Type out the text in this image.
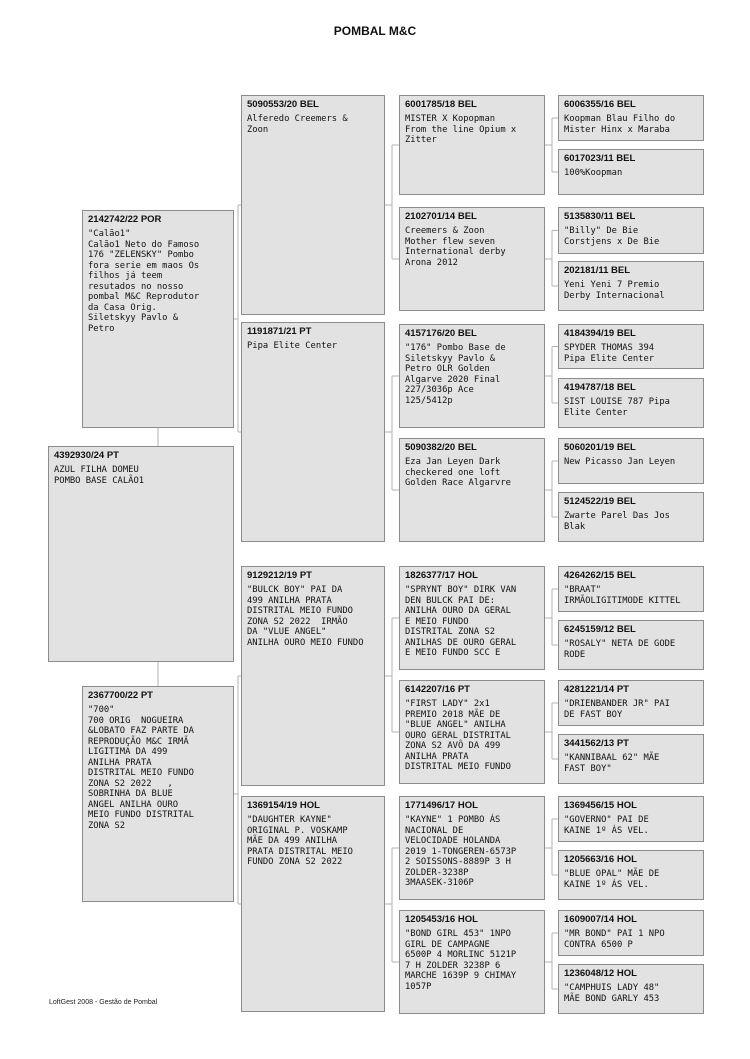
POMBAL M&C
4392930/24 PT
AZUL FILHA DOMEU
POMBO BASE CALÃO1
2142742/22 POR
"Calão1"
Calão1 Neto do Famoso
176 "ZELENSKY" Pombo
fora serie em maos Os
filhos já teem
resutados no nosso
pombal M&C Reprodutor
da Casa Orig.
Siletskyy Pavlo &
Petro
2367700/22 PT
"700"
700 ORIG  NOGUEIRA
&LOBATO FAZ PARTE DA
REPRODUÇÃO M&C IRMÃ
LIGITIMA DA 499
ANILHA PRATA
DISTRITAL MEIO FUNDO
ZONA S2 2022   ,
SOBRINHA DA BLUE
ANGEL ANILHA OURO
MEIO FUNDO DISTRITAL
ZONA S2
5090553/20 BEL
Alferedo Creemers &
Zoon
1191871/21 PT
Pipa Elite Center
9129212/19 PT
"BULCK BOY" PAI DA
499 ANILHA PRATA
DISTRITAL MEIO FUNDO
ZONA S2 2022  IRMÃO
DA "VLUE ANGEL"
ANILHA OURO MEIO FUNDO
1369154/19 HOL
"DAUGHTER KAYNE"
ORIGINAL P. VOSKAMP
MÃE DA 499 ANILHA
PRATA DISTRITAL MEIO
FUNDO ZONA S2 2022
6001785/18 BEL
MISTER X Kopopman
From the line Opium x
Zitter
2102701/14 BEL
Creemers & Zoon
Mother flew seven
International derby
Arona 2012
4157176/20 BEL
"176" Pombo Base de
Siletskyy Pavlo &
Petro OLR Golden
Algarve 2020 Final
227/3036p Ace
125/5412p
5090382/20 BEL
Eza Jan Leyen Dark
checkered one loft
Golden Race Algarvre
1826377/17 HOL
"SPRYNT BOY" DIRK VAN
DEN BULCK PAI DE:
ANILHA OURO DA GERAL
E MEIO FUNDO
DISTRITAL ZONA S2
ANILHAS DE OURO GERAL
E MEIO FUNDO SCC E
6142207/16 PT
"FIRST LADY" 2x1
PREMIO 2018 MÃE DE
"BLUE ANGEL" ANILHA
OURO GERAL DISTRITAL
ZONA S2 AVÔ DA 499
ANILHA PRATA
DISTRITAL MEIO FUNDO
1771496/17 HOL
"KAYNE" 1 POMBO ÁS
NACIONAL DE
VELOCIDADE HOLANDA
2019 1-TONGEREN-6573P
2 SOISSONS-8889P 3 H
ZOLDER-3238P
3MAASEK-3106P
1205453/16 HOL
"BOND GIRL 453" 1NPO
GIRL DE CAMPAGNE
6500P 4 MORLINC 5121P
7 H ZOLDER 3238P 6
MARCHE 1639P 9 CHIMAY
1057P
6006355/16 BEL
Koopman Blau Filho do
Mister Hinx x Maraba
6017023/11 BEL
100%Koopman
5135830/11 BEL
"Billy" De Bie
Corstjens x De Bie
202181/11 BEL
Yeni Yeni 7 Premio
Derby Internacional
4184394/19 BEL
SPYDER THOMAS 394
Pipa Elite Center
4194787/18 BEL
SIST LOUISE 787 Pipa
Elite Center
5060201/19 BEL
New Picasso Jan Leyen
5124522/19 BEL
Zwarte Parel Das Jos
Blak
4264262/15 BEL
"BRAAT"
IRMÃOLIGITIMODE KITTEL
6245159/12 BEL
"ROSALY" NETA DE GODE
RODE
4281221/14 PT
"DRIENBANDER JR" PAI
DE FAST BOY
3441562/13 PT
"KANNIBAAL 62" MÃE
FAST BOY"
1369456/15 HOL
"GOVERNO" PAI DE
KAINE 1º ÁS VEL.
1205663/16 HOL
"BLUE OPAL" MÃE DE
KAINE 1º ÁS VEL.
1609007/14 HOL
"MR BOND" PAI 1 NPO
CONTRA 6500 P
1236048/12 HOL
"CAMPHUIS LADY 48"
MÃE BOND GARLY 453
LoftGest 2008 - Gestão de Pombal
